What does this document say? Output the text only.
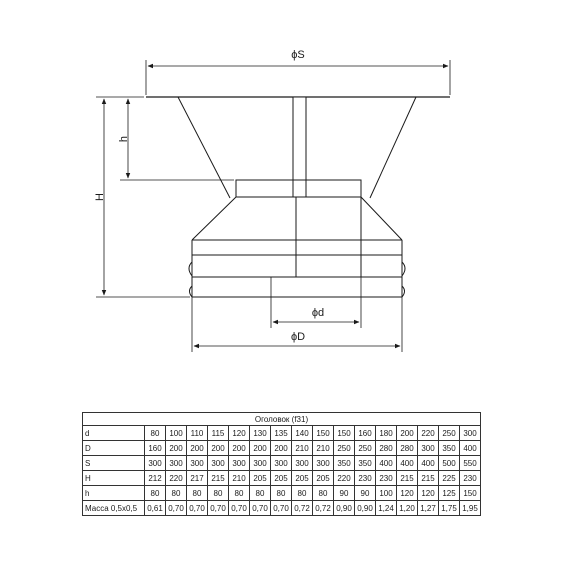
ϕS
H
h
ϕd
ϕD
Оголовок (f31)																
d	80	100	110	115	120	130	135	140	150	150	160	180	200	220	250	300
D	160	200	200	200	200	200	200	210	210	250	250	280	280	300	350	400
S	300	300	300	300	300	300	300	300	300	350	350	400	400	400	500	550
H	212	220	217	215	210	205	205	205	205	220	230	230	215	215	225	230
h	80	80	80	80	80	80	80	80	80	90	90	100	120	120	125	150
Масса 0,5x0,5	0,61	0,70	0,70	0,70	0,70	0,70	0,70	0,72	0,72	0,90	0,90	1,24	1,20	1,27	1,75	1,95
